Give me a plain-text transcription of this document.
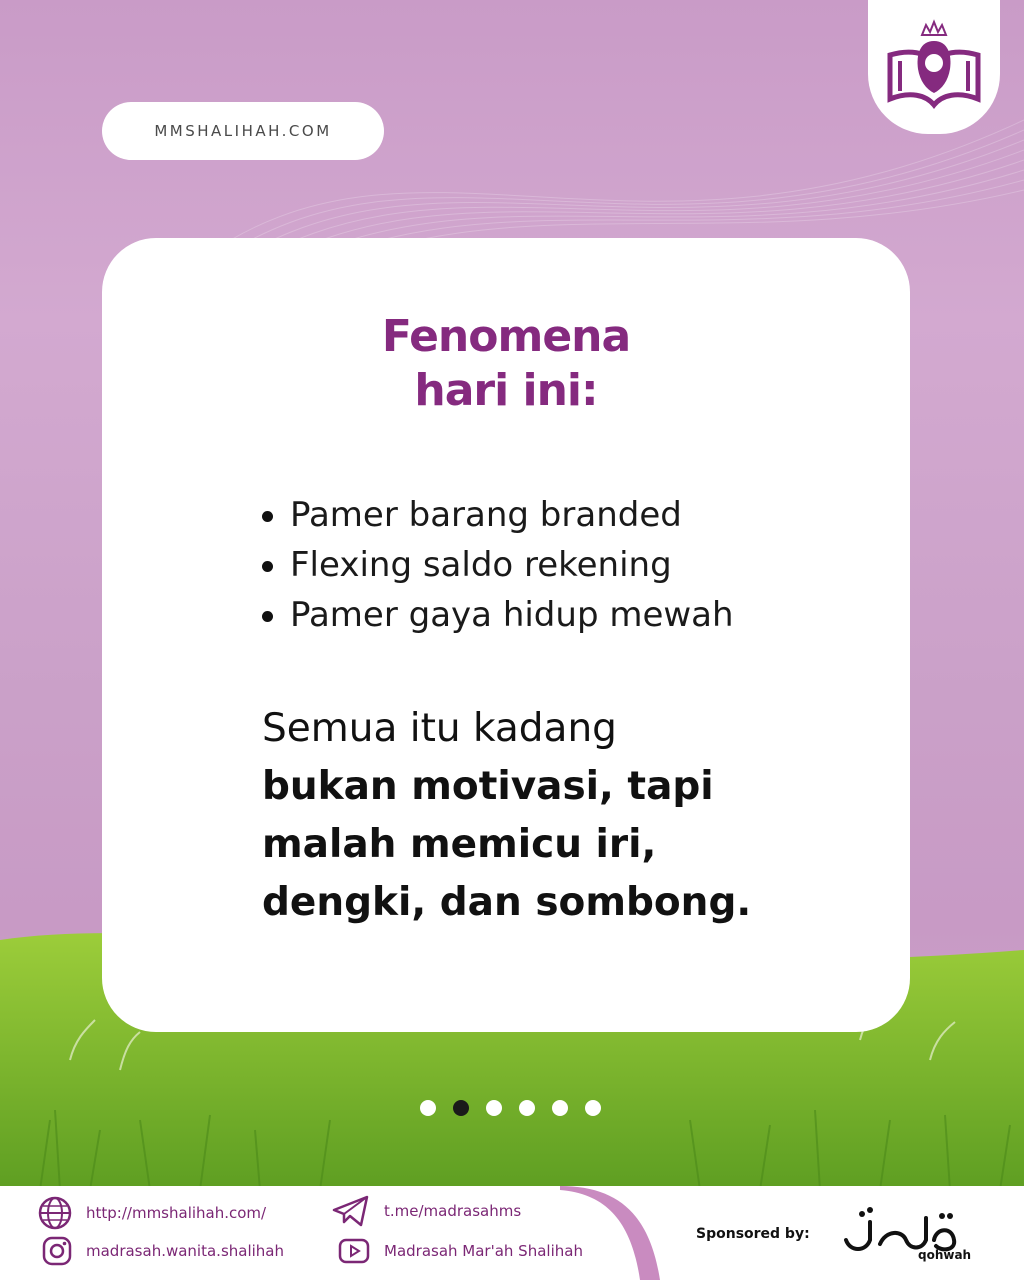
MMSHALIHAH.COM
Fenomena
hari ini:
Pamer barang branded
Flexing saldo rekening
Pamer gaya hidup mewah
Semua itu kadang
bukan motivasi, tapi
malah memicu iri,
dengki, dan sombong.
http://mmshalihah.com/
madrasah.wanita.shalihah
t.me/madrasahms
Madrasah Mar'ah Shalihah
Sponsored by:
qohwah
